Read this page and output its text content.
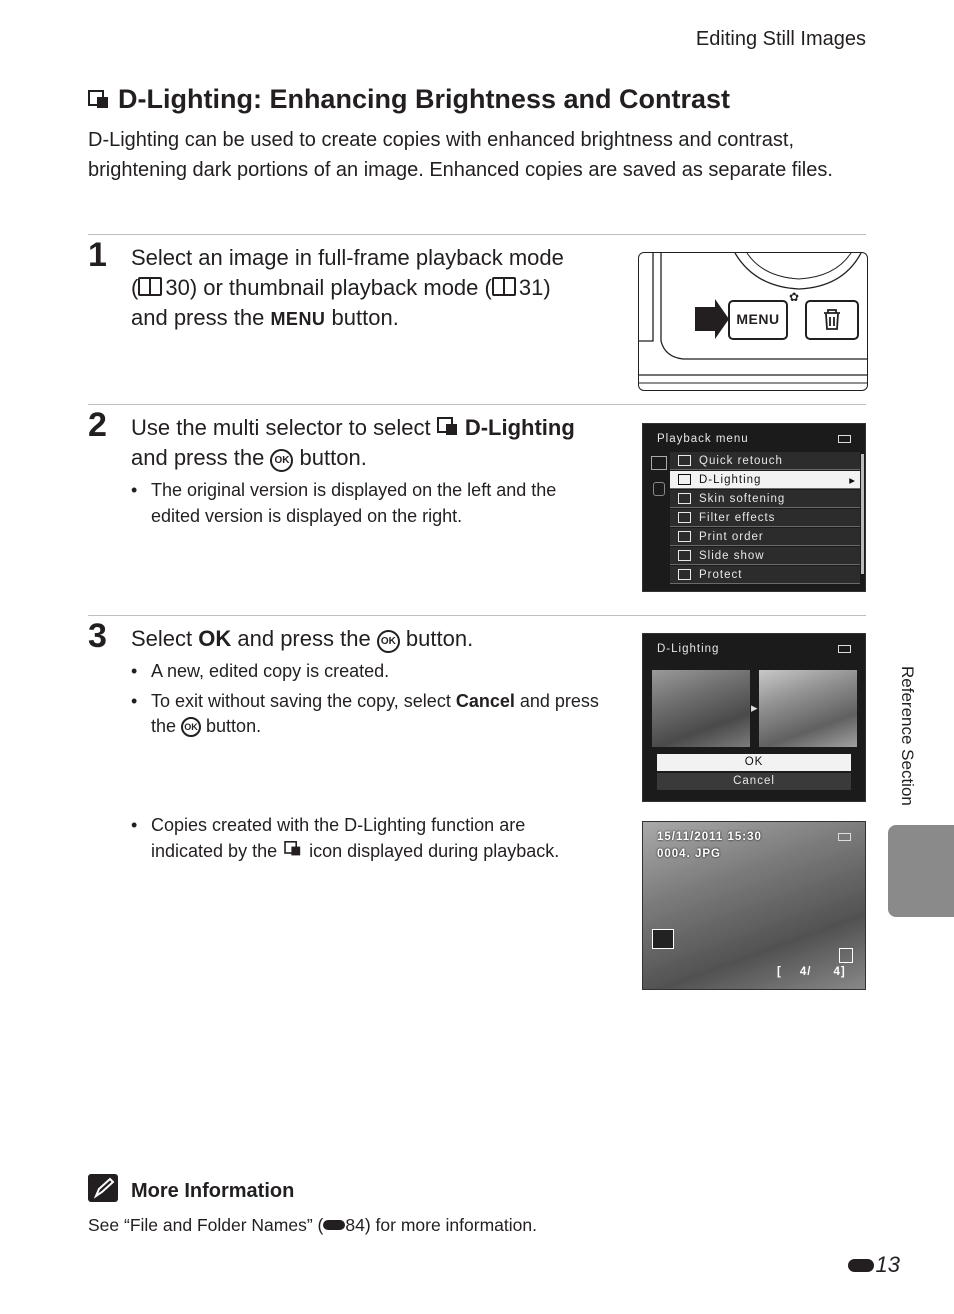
Editing Still Images
D-Lighting: Enhancing Brightness and Contrast
D-Lighting can be used to create copies with enhanced brightness and contrast, brightening dark portions of an image. Enhanced copies are saved as separate files.
1 Select an image in full-frame playback mode
( 30) or thumbnail playback mode ( 31)
and press the MENU button.
✿
MENU
2 Use the multi selector to select  D-Lighting
and press the OK button.
• The original version is displayed on the left and the edited version is displayed on the right.
Playback menu
Quick retouch
D-Lighting	▸
Skin softening
Filter effects
Print order
Slide show
Protect
3 Select OK and press the OK button.
• A new, edited copy is created.
• To exit without saving the copy, select Cancel and press the OK button.
• Copies created with the D-Lighting function are indicated by the  icon displayed during playback.
D-Lighting
▸
OK
Cancel
15/11/2011 15:30
0004. JPG
[ 4/ 4]
Reference Section
More Information
See “File and Folder Names” ( 84) for more information.
13
